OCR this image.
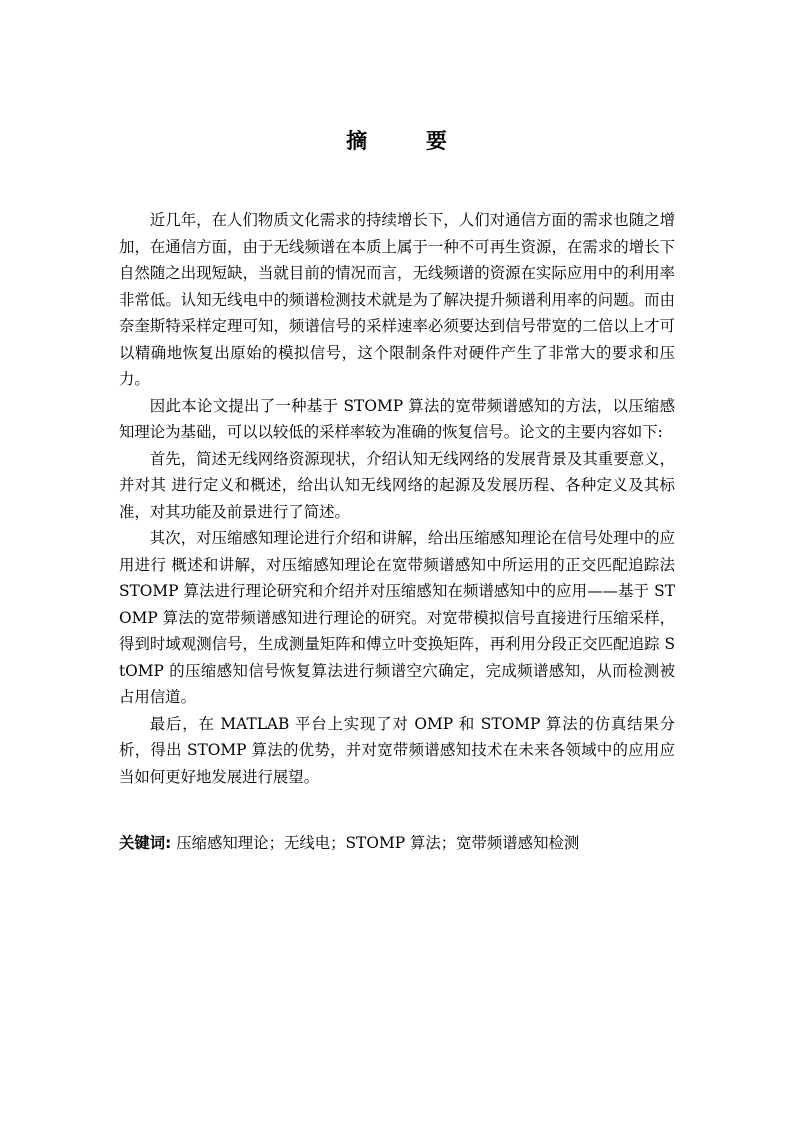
摘　要

近几年，在人们物质文化需求的持续增长下，人们对通信方面的需求也随之增加，在通信方面，由于无线频谱在本质上属于一种不可再生资源，在需求的增长下自然随之出现短缺，当就目前的情况而言，无线频谱的资源在实际应用中的利用率非常低。认知无线电中的频谱检测技术就是为了解决提升频谱利用率的问题。而由奈奎斯特采样定理可知，频谱信号的采样速率必须要达到信号带宽的二倍以上才可以精确地恢复出原始的模拟信号，这个限制条件对硬件产生了非常大的要求和压力。

因此本论文提出了一种基于 STOMP 算法的宽带频谱感知的方法，以压缩感知理论为基础，可以以较低的采样率较为准确的恢复信号。论文的主要内容如下:

首先，简述无线网络资源现状，介绍认知无线网络的发展背景及其重要意义，并对其 进行定义和概述，给出认知无线网络的起源及发展历程、各种定义及其标准，对其功能及前景进行了简述。

其次，对压缩感知理论进行介绍和讲解，给出压缩感知理论在信号处理中的应用进行 概述和讲解，对压缩感知理论在宽带频谱感知中所运用的正交匹配追踪法 STOMP 算法进行理论研究和介绍并对压缩感知在频谱感知中的应用——基于 STOMP 算法的宽带频谱感知进行理论的研究。对宽带模拟信号直接进行压缩采样，得到时域观测信号，生成测量矩阵和傅立叶变换矩阵，再利用分段正交匹配追踪 StOMP 的压缩感知信号恢复算法进行频谱空穴确定，完成频谱感知，从而检测被占用信道。

最后，在 MATLAB 平台上实现了对 OMP 和 STOMP 算法的仿真结果分析，得出 STOMP 算法的优势，并对宽带频谱感知技术在未来各领域中的应用应当如何更好地发展进行展望。

关键词: 压缩感知理论；无线电；STOMP 算法；宽带频谱感知检测
